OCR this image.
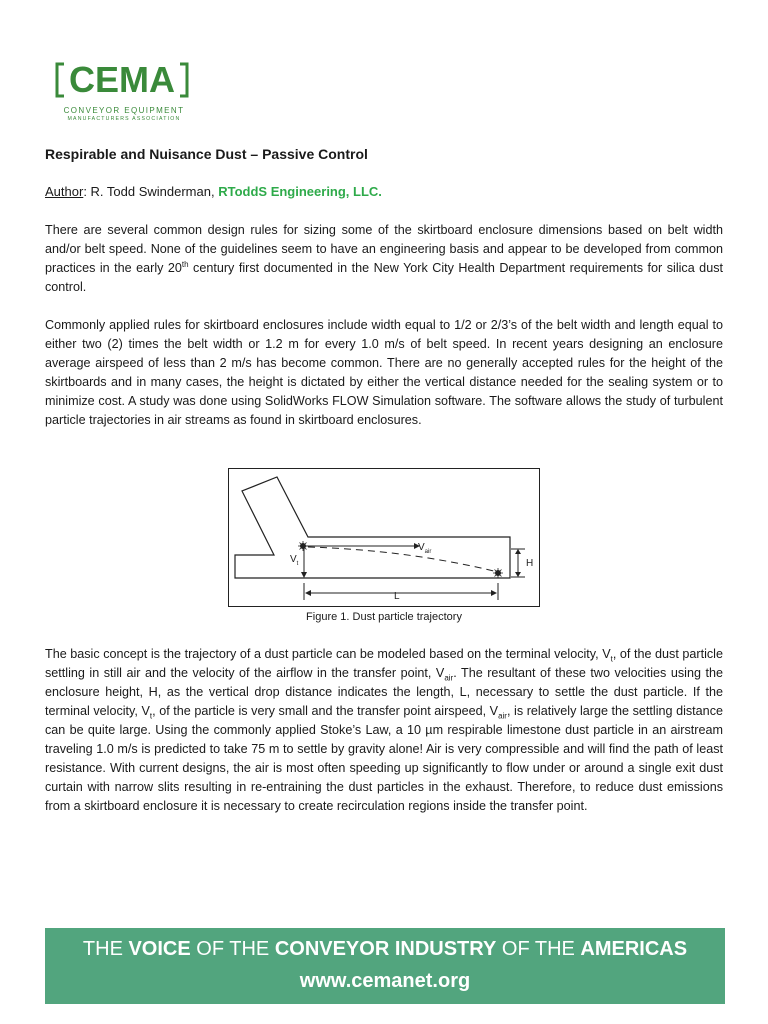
CEMA
CONVEYOR EQUIPMENT
MANUFACTURERS ASSOCIATION
Respirable and Nuisance Dust – Passive Control
Author: R. Todd Swinderman, RToddS Engineering, LLC.
There are several common design rules for sizing some of the skirtboard enclosure dimensions based on belt width and/or belt speed. None of the guidelines seem to have an engineering basis and appear to be developed from common practices in the early 20th century first documented in the New York City Health Department requirements for silica dust control.
Commonly applied rules for skirtboard enclosures include width equal to 1/2 or 2/3’s of the belt width and length equal to either two (2) times the belt width or 1.2 m for every 1.0 m/s of belt speed. In recent years designing an enclosure average airspeed of less than 2 m/s has become common. There are no generally accepted rules for the height of the skirtboards and in many cases, the height is dictated by either the vertical distance needed for the sealing system or to minimize cost. A study was done using SolidWorks FLOW Simulation software. The software allows the study of turbulent particle trajectories in air streams as found in skirtboard enclosures.
$V_{air}$
$V_t$	H
L
Figure 1. Dust particle trajectory
The basic concept is the trajectory of a dust particle can be modeled based on the terminal velocity, $V_t$, of the dust particle settling in still air and the velocity of the airflow in the transfer point, $V_{air}$. The resultant of these two velocities using the enclosure height, H, as the vertical drop distance indicates the length, L, necessary to settle the dust particle. If the terminal velocity, $V_t$, of the particle is very small and the transfer point airspeed, $V_{air}$, is relatively large the settling distance can be quite large. Using the commonly applied Stoke’s Law, a 10 µm respirable limestone dust particle in an airstream traveling 1.0 m/s is predicted to take 75 m to settle by gravity alone! Air is very compressible and will find the path of least resistance. With current designs, the air is most often speeding up significantly to flow under or around a single exit dust curtain with narrow slits resulting in re-entraining the dust particles in the exhaust. Therefore, to reduce dust emissions from a skirtboard enclosure it is necessary to create recirculation regions inside the transfer point.
THE VOICE OF THE CONVEYOR INDUSTRY OF THE AMERICAS
www.cemanet.org
